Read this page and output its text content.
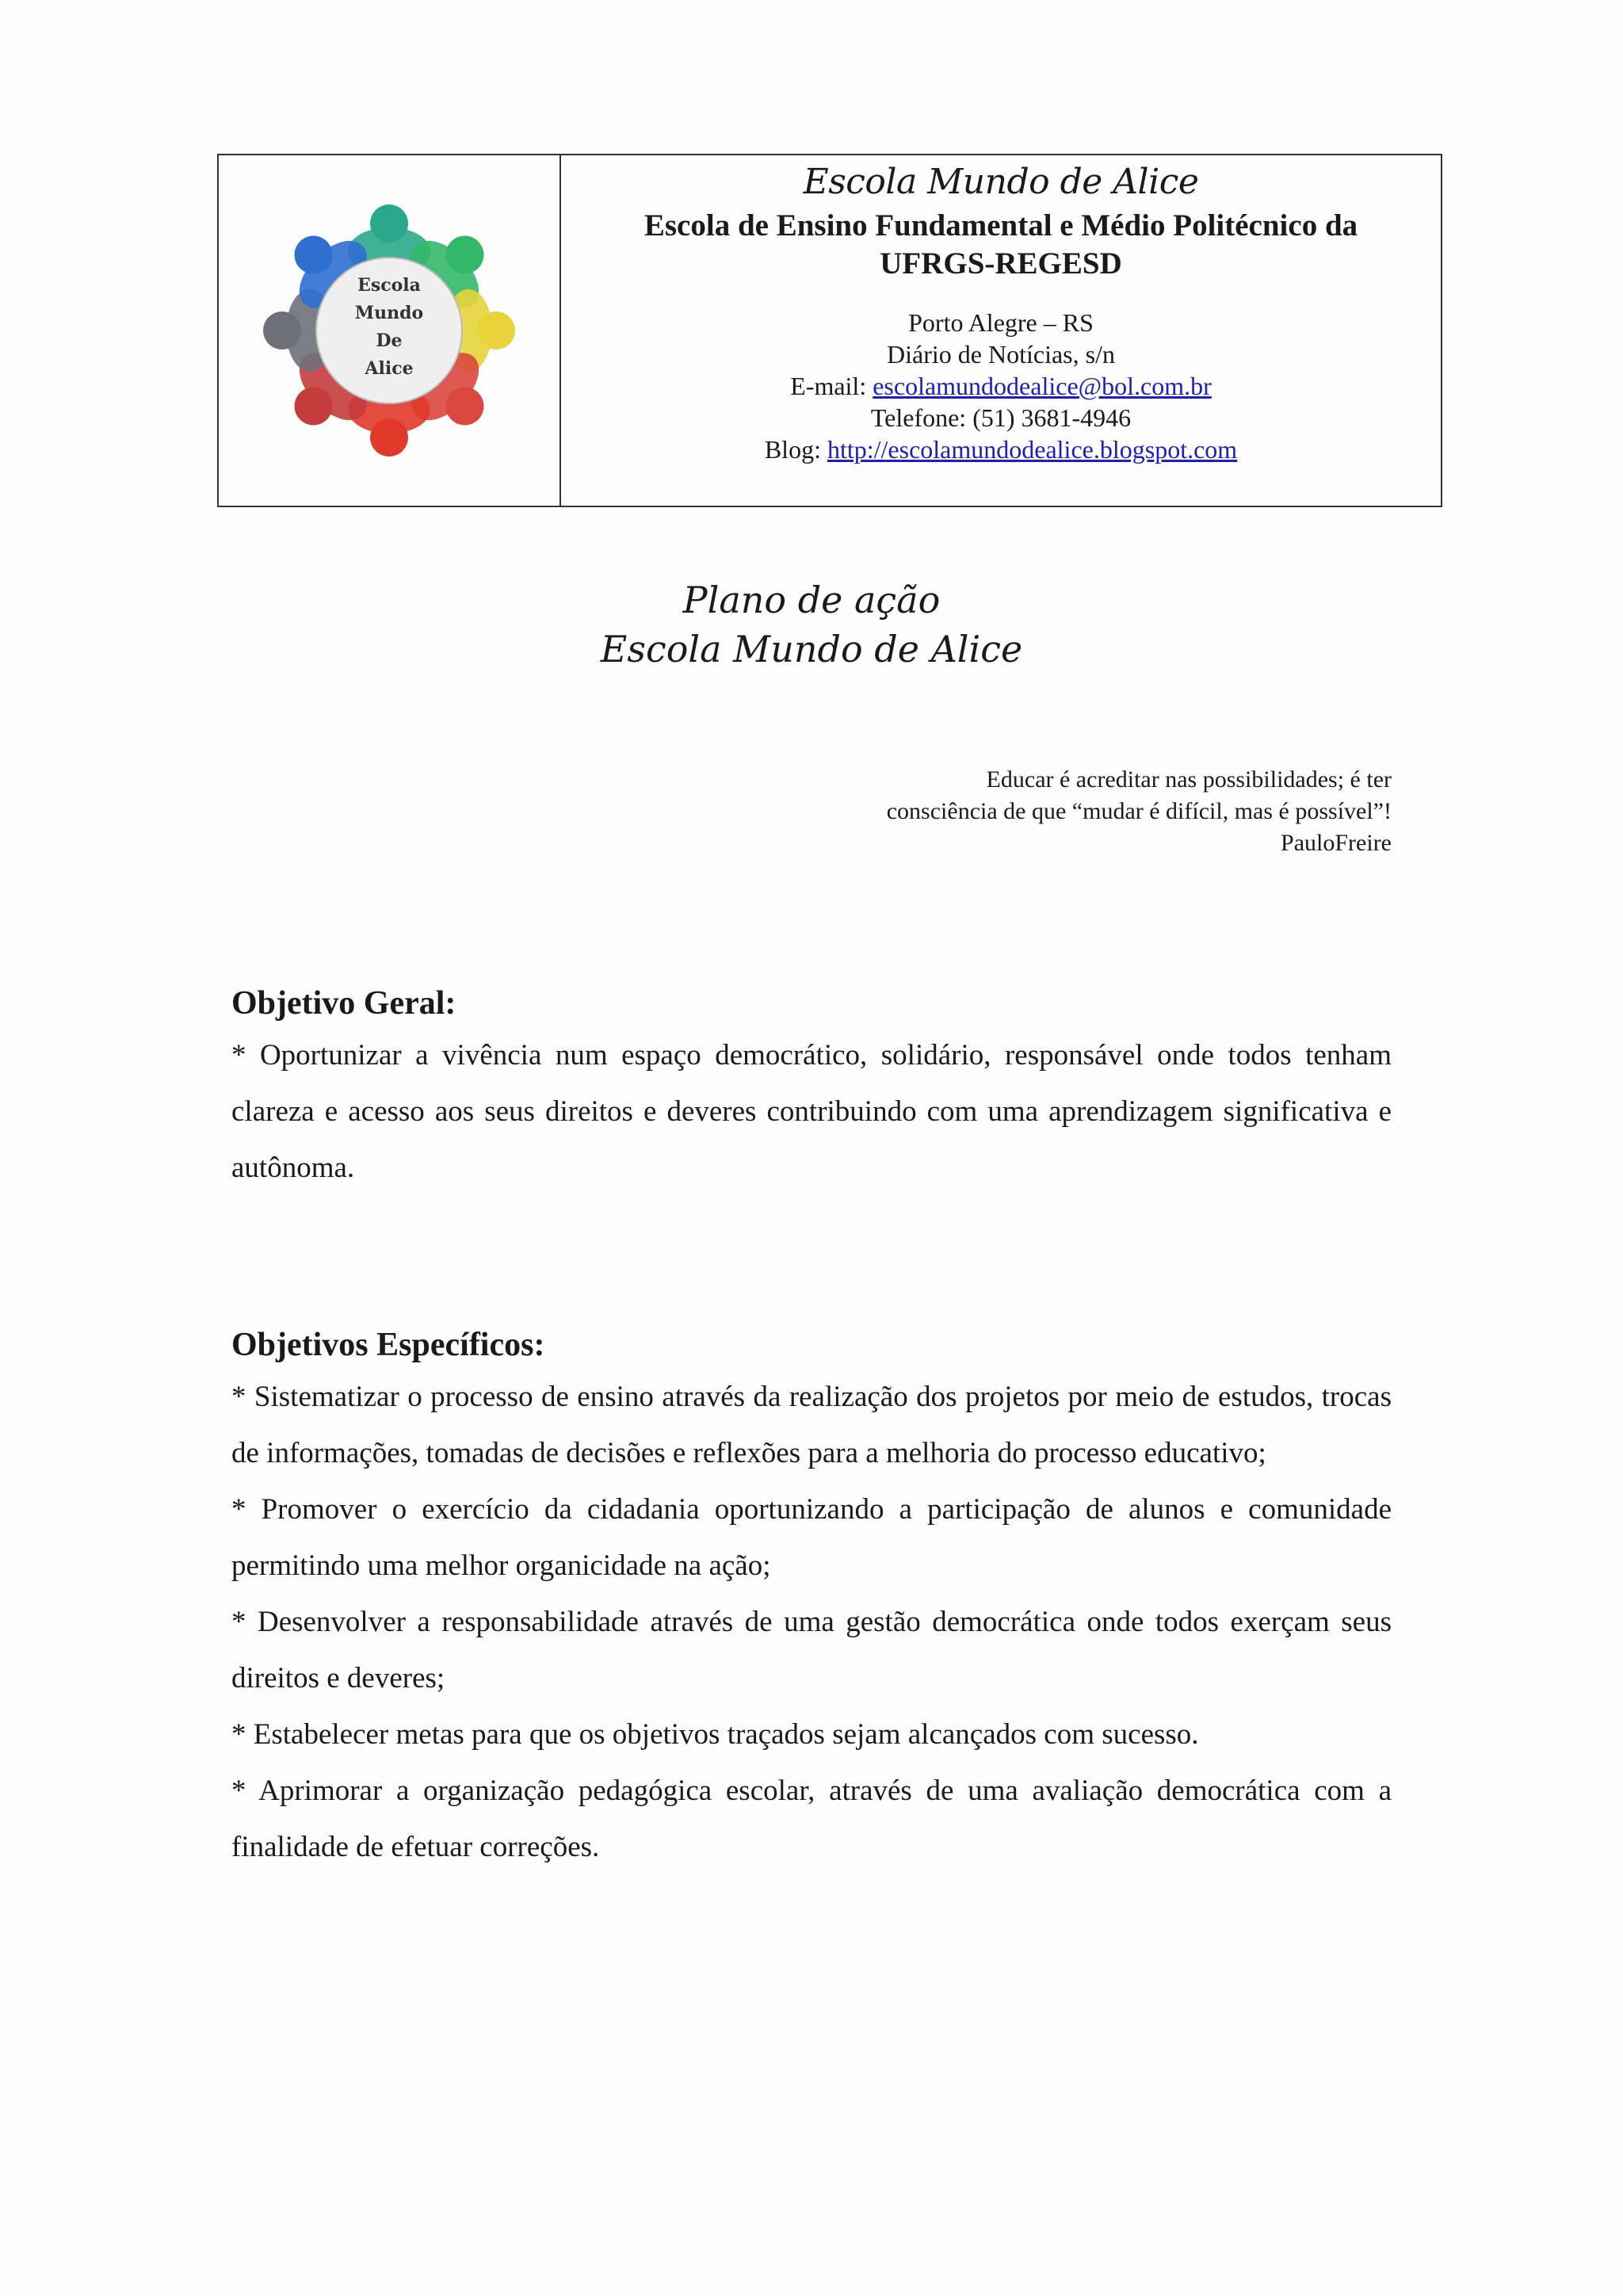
Escola
Mundo
De
Alice
Escola Mundo de Alice
Escola de Ensino Fundamental e Médio Politécnico da UFRGS-REGESD
Porto Alegre – RS
Diário de Notícias, s/n
E-mail: escolamundodealice@bol.com.br
Telefone: (51) 3681-4946
Blog: http://escolamundodealice.blogspot.com
Plano de ação
Escola Mundo de Alice
Educar é acreditar nas possibilidades; é ter
consciência de que “mudar é difícil, mas é possível”!
PauloFreire
Objetivo Geral:

* Oportunizar a vivência num espaço democrático, solidário, responsável onde todos tenham clareza e acesso aos seus direitos e deveres contribuindo com uma aprendizagem significativa e autônoma.

Objetivos Específicos:

* Sistematizar o processo de ensino através da realização dos projetos por meio de estudos, trocas de informações, tomadas de decisões e reflexões para a melhoria do processo educativo;

* Promover o exercício da cidadania oportunizando a participação de alunos e comunidade permitindo uma melhor organicidade na ação;

* Desenvolver a responsabilidade através de uma gestão democrática onde todos exerçam seus direitos e deveres;

* Estabelecer metas para que os objetivos traçados sejam alcançados com sucesso.

* Aprimorar a organização pedagógica escolar, através de uma avaliação democrática com a finalidade de efetuar correções.
